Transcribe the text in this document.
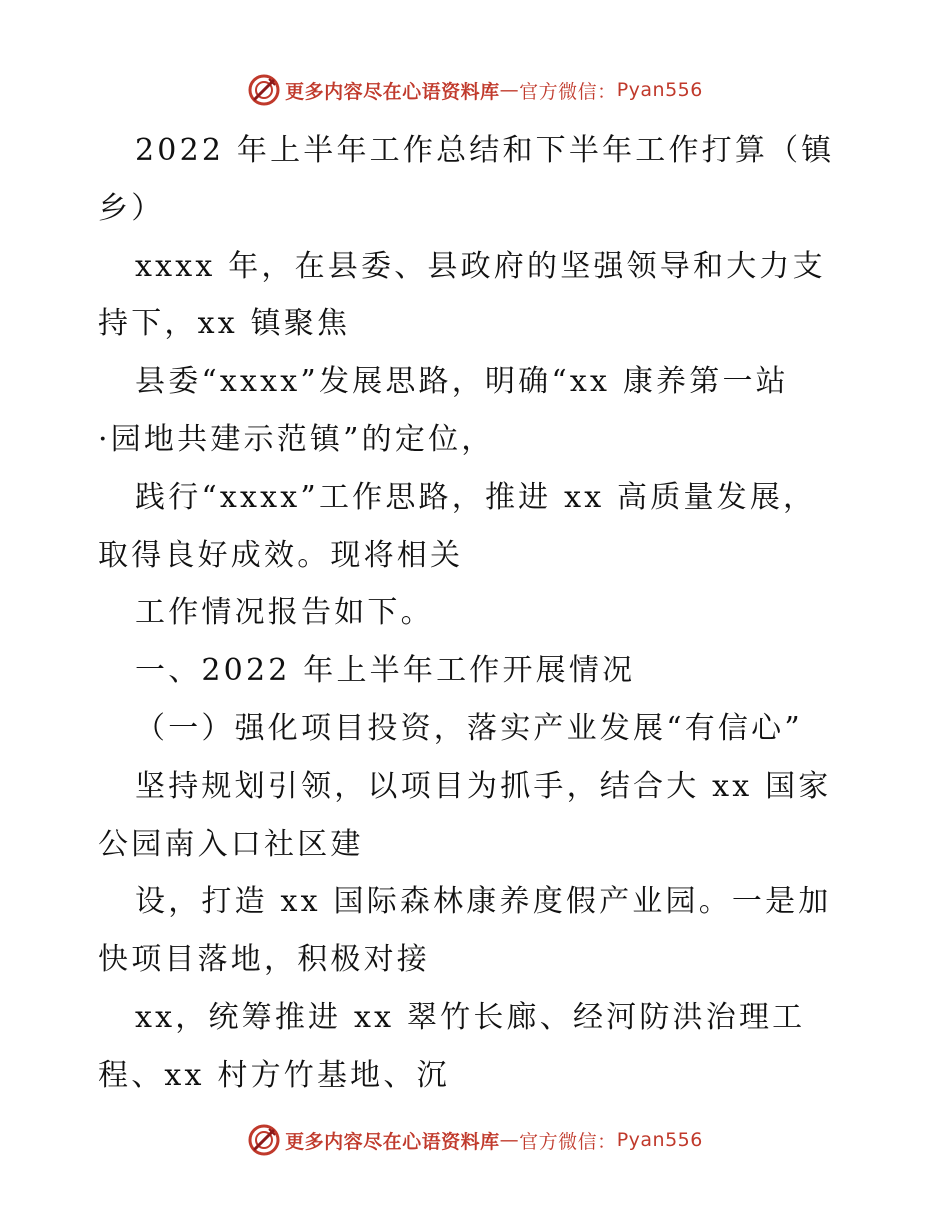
更多内容尽在心语资料库 — 官方微信： Pyan556
2022 年上半年工作总结和下半年工作打算（镇
乡）
xxxx 年，在县委、县政府的坚强领导和大力支
持下，xx 镇聚焦
县委“xxxx”发展思路，明确“xx 康养第一站
·园地共建示范镇”的定位，
践行“xxxx”工作思路，推进 xx 高质量发展，
取得良好成效。现将相关
工作情况报告如下。
一、2022 年上半年工作开展情况
（一）强化项目投资，落实产业发展“有信心”
坚持规划引领，以项目为抓手，结合大 xx 国家
公园南入口社区建
设，打造 xx 国际森林康养度假产业园。一是加
快项目落地，积极对接
xx，统筹推进 xx 翠竹长廊、经河防洪治理工
程、xx 村方竹基地、沉
更多内容尽在心语资料库 — 官方微信： Pyan556
